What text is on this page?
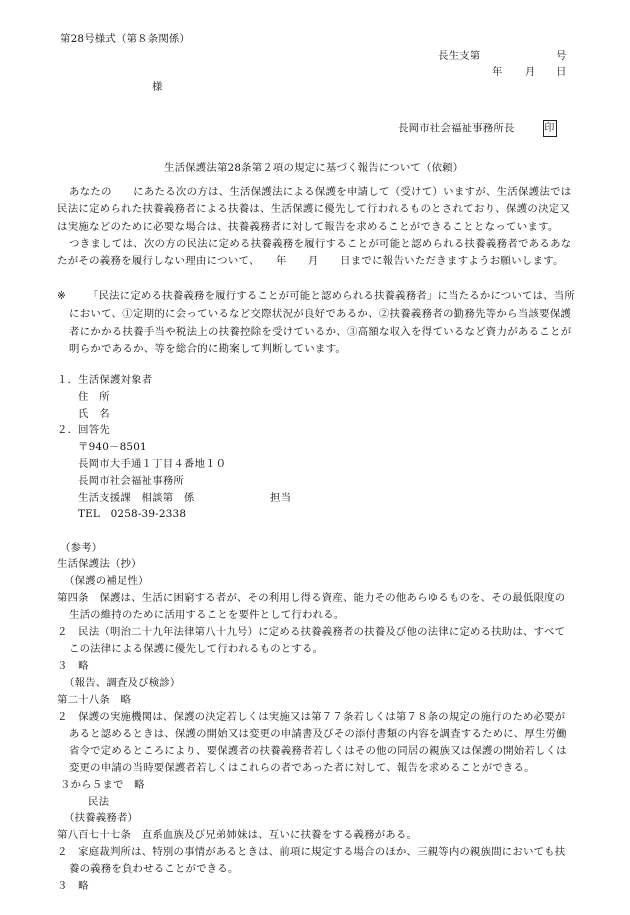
第28号様式（第８条関係）
長生支第	号
年 月 日
様
長岡市社会福祉事務所長	印
生活保護法第28条第２項の規定に基づく報告について（依頼）

あなたの　　にあたる次の方は、生活保護法による保護を申請して（受けて）いますが、生活保護法では

民法に定められた扶養義務者による扶養は、生活保護に優先して行われるものとされており、保護の決定又

は実施などのために必要な場合は、扶養義務者に対して報告を求めることができることとなっています。

つきましては、次の方の民法に定める扶養義務を履行することが可能と認められる扶養義務者であるあな

たがその義務を履行しない理由について、　　年　　月　　日までに報告いただきますようお願いします。

※ 「民法に定める扶養義務を履行することが可能と認められる扶養義務者」に当たるかについては、当所

において、①定期的に会っているなど交際状況が良好であるか、②扶養義務者の勤務先等から当該要保護

者にかかる扶養手当や税法上の扶養控除を受けているか、③高額な収入を得ているなど資力があることが

明らかであるか、等を総合的に勘案して判断しています。

１．生活保護対象者
住　所
氏　名
２．回答先
〒940－8501
長岡市大手通１丁目４番地１０
長岡市社会福祉事務所
生活支援課　相談第　係	担当
TEL　0258-39-2338
（参考）
生活保護法（抄）
（保護の補足性）
第四条　保護は、生活に困窮する者が、その利用し得る資産、能力その他あらゆるものを、その最低限度の
生活の維持のために活用することを要件として行われる。
２　民法（明治二十九年法律第八十九号）に定める扶養義務者の扶養及び他の法律に定める扶助は、すべて
この法律による保護に優先して行われるものとする。
３　略
（報告、調査及び検診）
第二十八条　略
２　保護の実施機関は、保護の決定若しくは実施又は第７７条若しくは第７８条の規定の施行のため必要が
あると認めるときは、保護の開始又は変更の申請書及びその添付書類の内容を調査するために、厚生労働
省令で定めるところにより、要保護者の扶養義務者若しくはその他の同居の親族又は保護の開始若しくは
変更の申請の当時要保護者若しくはこれらの者であった者に対して、報告を求めることができる。
３から５まで　略
民法
（扶養義務者）
第八百七十七条　直系血族及び兄弟姉妹は、互いに扶養をする義務がある。
２　家庭裁判所は、特別の事情があるときは、前項に規定する場合のほか、三親等内の親族間においても扶
養の義務を負わせることができる。
３　略
